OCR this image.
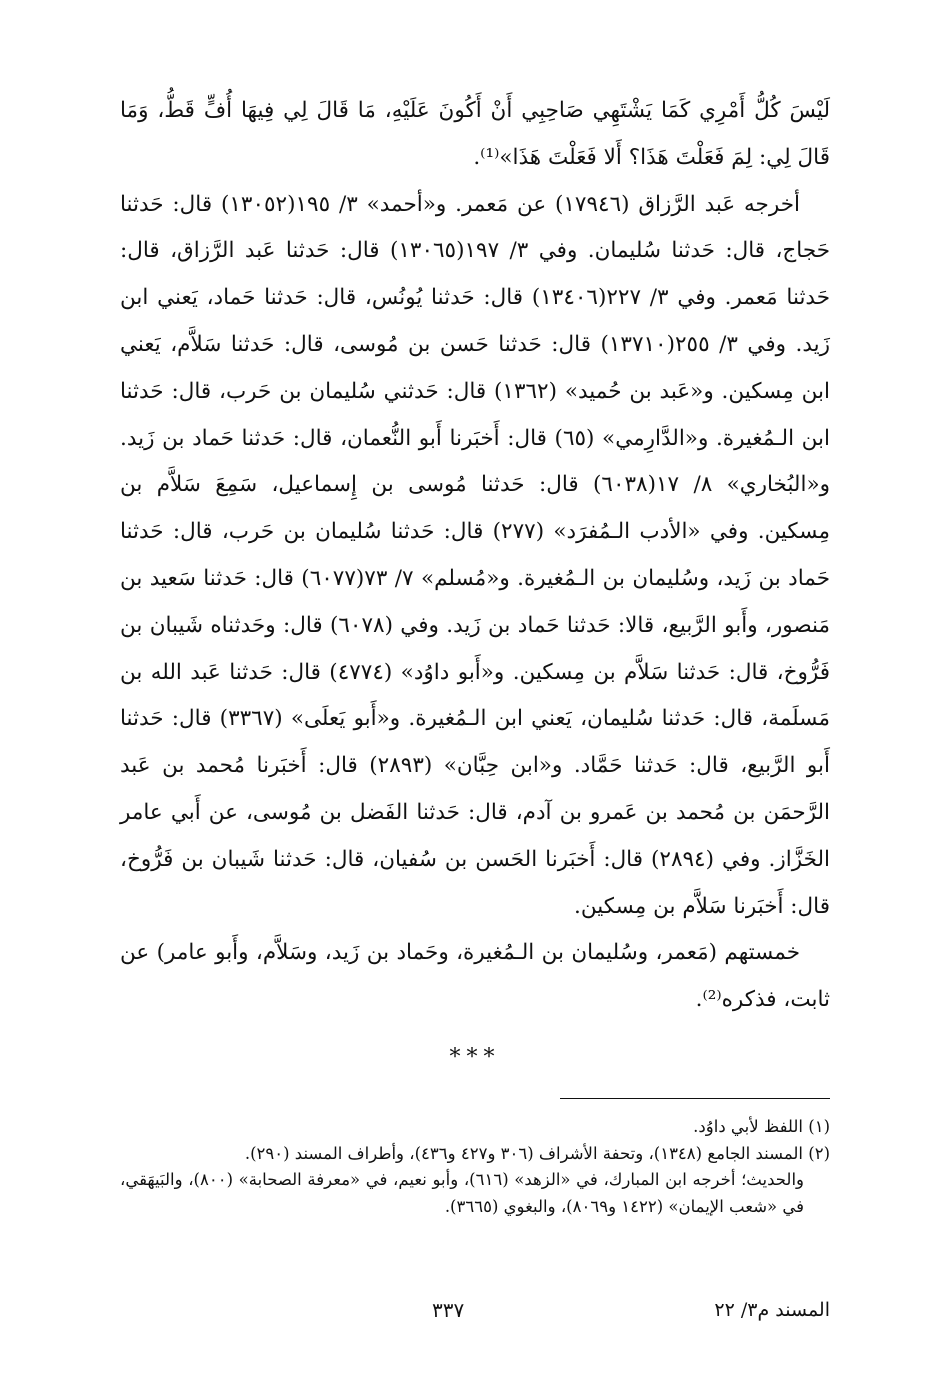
لَيْسَ كُلُّ أَمْرِي كَمَا يَشْتَهِي صَاحِبِي أَنْ أَكُونَ عَلَيْهِ، مَا قَالَ لِي فِيهَا أُفٍّ قَطُّ، وَمَا قَالَ لِي: لِمَ فَعَلْتَ هَذَا؟ أَلا فَعَلْتَ هَذَا»⁽¹⁾.

أخرجه عَبد الرَّزاق (١٧٩٤٦) عن مَعمر. و«أحمد» ٣/ ١٩٥(١٣٠٥٢) قال: حَدثنا حَجاج، قال: حَدثنا سُليمان. وفي ٣/ ١٩٧(١٣٠٦٥) قال: حَدثنا عَبد الرَّزاق، قال: حَدثنا مَعمر. وفي ٣/ ٢٢٧(١٣٤٠٦) قال: حَدثنا يُونُس، قال: حَدثنا حَماد، يَعني ابن زَيد. وفي ٣/ ٢٥٥(١٣٧١٠) قال: حَدثنا حَسن بن مُوسى، قال: حَدثنا سَلاَّم، يَعني ابن مِسكين. و«عَبد بن حُميد» (١٣٦٢) قال: حَدثني سُليمان بن حَرب، قال: حَدثنا ابن الـمُغيرة. و«الدَّارِمي» (٦٥) قال: أَخبَرنا أَبو النُّعمان، قال: حَدثنا حَماد بن زَيد. و«البُخاري» ٨/ ١٧(٦٠٣٨) قال: حَدثنا مُوسى بن إِسماعيل، سَمِعَ سَلاَّم بن مِسكين. وفي «الأدب الـمُفرَد» (٢٧٧) قال: حَدثنا سُليمان بن حَرب، قال: حَدثنا حَماد بن زَيد، وسُليمان بن الـمُغيرة. و«مُسلم» ٧/ ٧٣(٦٠٧٧) قال: حَدثنا سَعيد بن مَنصور، وأَبو الرَّبيع، قالا: حَدثنا حَماد بن زَيد. وفي (٦٠٧٨) قال: وحَدثناه شَيبان بن فَرُّوخ، قال: حَدثنا سَلاَّم بن مِسكين. و«أَبو داوُد» (٤٧٧٤) قال: حَدثنا عَبد الله بن مَسلَمة، قال: حَدثنا سُليمان، يَعني ابن الـمُغيرة. و«أَبو يَعلَى» (٣٣٦٧) قال: حَدثنا أَبو الرَّبيع، قال: حَدثنا حَمَّاد. و«ابن حِبَّان» (٢٨٩٣) قال: أَخبَرنا مُحمد بن عَبد الرَّحمَن بن مُحمد بن عَمرو بن آدم، قال: حَدثنا الفَضل بن مُوسى، عن أَبي عامر الخَزَّاز. وفي (٢٨٩٤) قال: أَخبَرنا الحَسن بن سُفيان، قال: حَدثنا شَيبان بن فَرُّوخ، قال: أَخبَرنا سَلاَّم بن مِسكين.

خمستهم (مَعمر، وسُليمان بن الـمُغيرة، وحَماد بن زَيد، وسَلاَّم، وأَبو عامر) عن ثابت، فذكره⁽²⁾.

***

(١) اللفظ لأبي داوُد.

(٢) المسند الجامع (١٣٤٨)، وتحفة الأشراف (٣٠٦ و٤٢٧ و٤٣٦)، وأطراف المسند (٢٩٠).

والحديث؛ أخرجه ابن المبارك، في «الزهد» (٦١٦)، وأبو نعيم، في «معرفة الصحابة» (٨٠٠)، والبَيهَقي، في «شعب الإيمان» (١٤٢٢ و٨٠٦٩)، والبغوي (٣٦٦٥).

المسند م٣/ ٢٢
٣٣٧
